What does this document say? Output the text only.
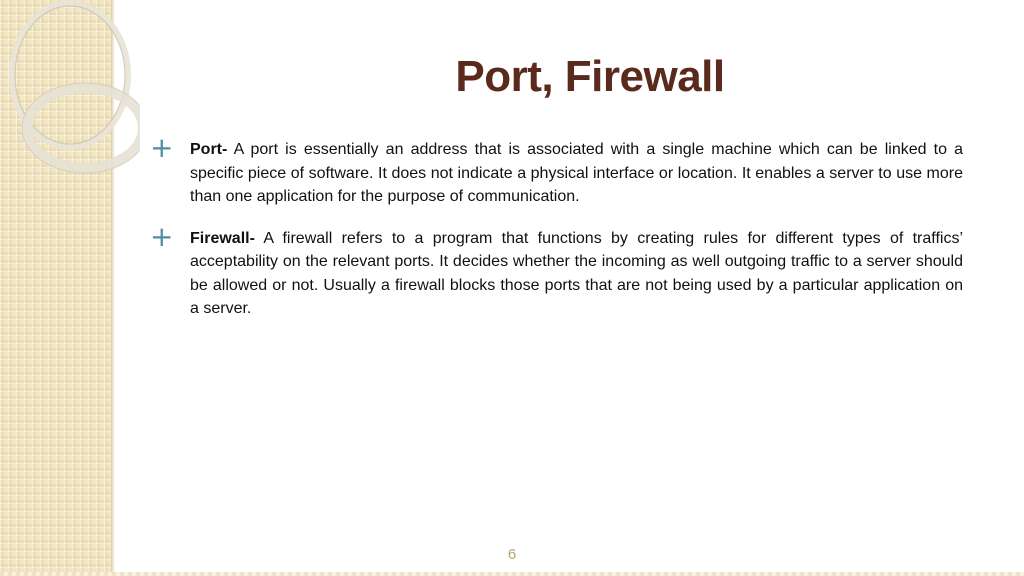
Port, Firewall
+ Port- A port is essentially an address that is associated with a single machine which can be linked to a specific piece of software. It does not indicate a physical interface or location. It enables a server to use more than one application for the purpose of communication.
+ Firewall- A firewall refers to a program that functions by creating rules for different types of traffics’ acceptability on the relevant ports. It decides whether the incoming as well outgoing traffic to a server should be allowed or not. Usually a firewall blocks those ports that are not being used by a particular application on a server.
6
